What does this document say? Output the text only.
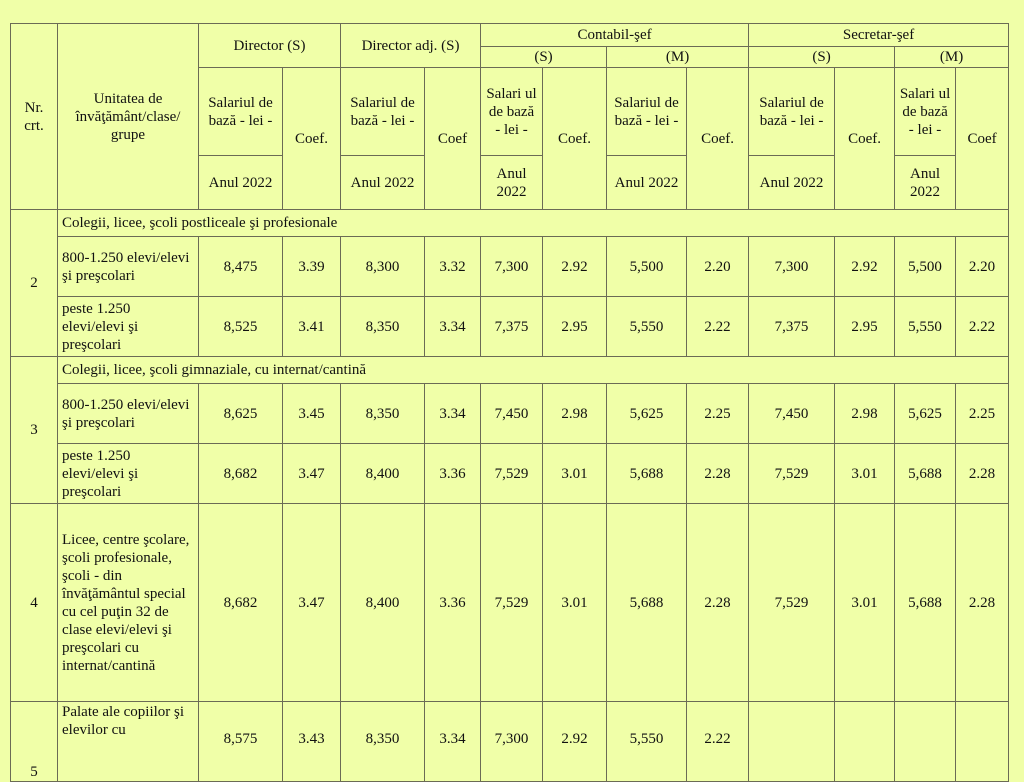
Nr. crt.	Unitatea de învăţământ/clase/ grupe	Director (S)		Director adj. (S)		Contabil-şef				Secretar-şef			
						(S)		(M)		(S)		(M)	
		Salariul de bază - lei -	Coef.	Salariul de bază - lei -	Coef	Salari ul de bază - lei -	Coef.	Salariul de bază - lei -	Coef.	Salariul de bază - lei -	Coef.	Salari ul de bază - lei -	Coef
		Anul 2022		Anul 2022		Anul 2022		Anul 2022		Anul 2022		Anul 2022	
2	Colegii, licee, şcoli postliceale şi profesionale												
	800-1.250 elevi/elevi şi preşcolari	8,475	3.39	8,300	3.32	7,300	2.92	5,500	2.20	7,300	2.92	5,500	2.20
	peste 1.250 elevi/elevi şi preşcolari	8,525	3.41	8,350	3.34	7,375	2.95	5,550	2.22	7,375	2.95	5,550	2.22
3	Colegii, licee, şcoli gimnaziale, cu internat/cantină												
	800-1.250 elevi/elevi şi preşcolari	8,625	3.45	8,350	3.34	7,450	2.98	5,625	2.25	7,450	2.98	5,625	2.25
	peste 1.250 elevi/elevi şi preşcolari	8,682	3.47	8,400	3.36	7,529	3.01	5,688	2.28	7,529	3.01	5,688	2.28
4	Licee, centre şcolare, şcoli profesionale, şcoli - din învăţământul special cu cel puţin 32 de clase elevi/elevi şi preşcolari cu internat/cantină	8,682	3.47	8,400	3.36	7,529	3.01	5,688	2.28	7,529	3.01	5,688	2.28
5	Palate ale copiilor şi elevilor cu	8,575	3.43	8,350	3.34	7,300	2.92	5,550	2.22				
